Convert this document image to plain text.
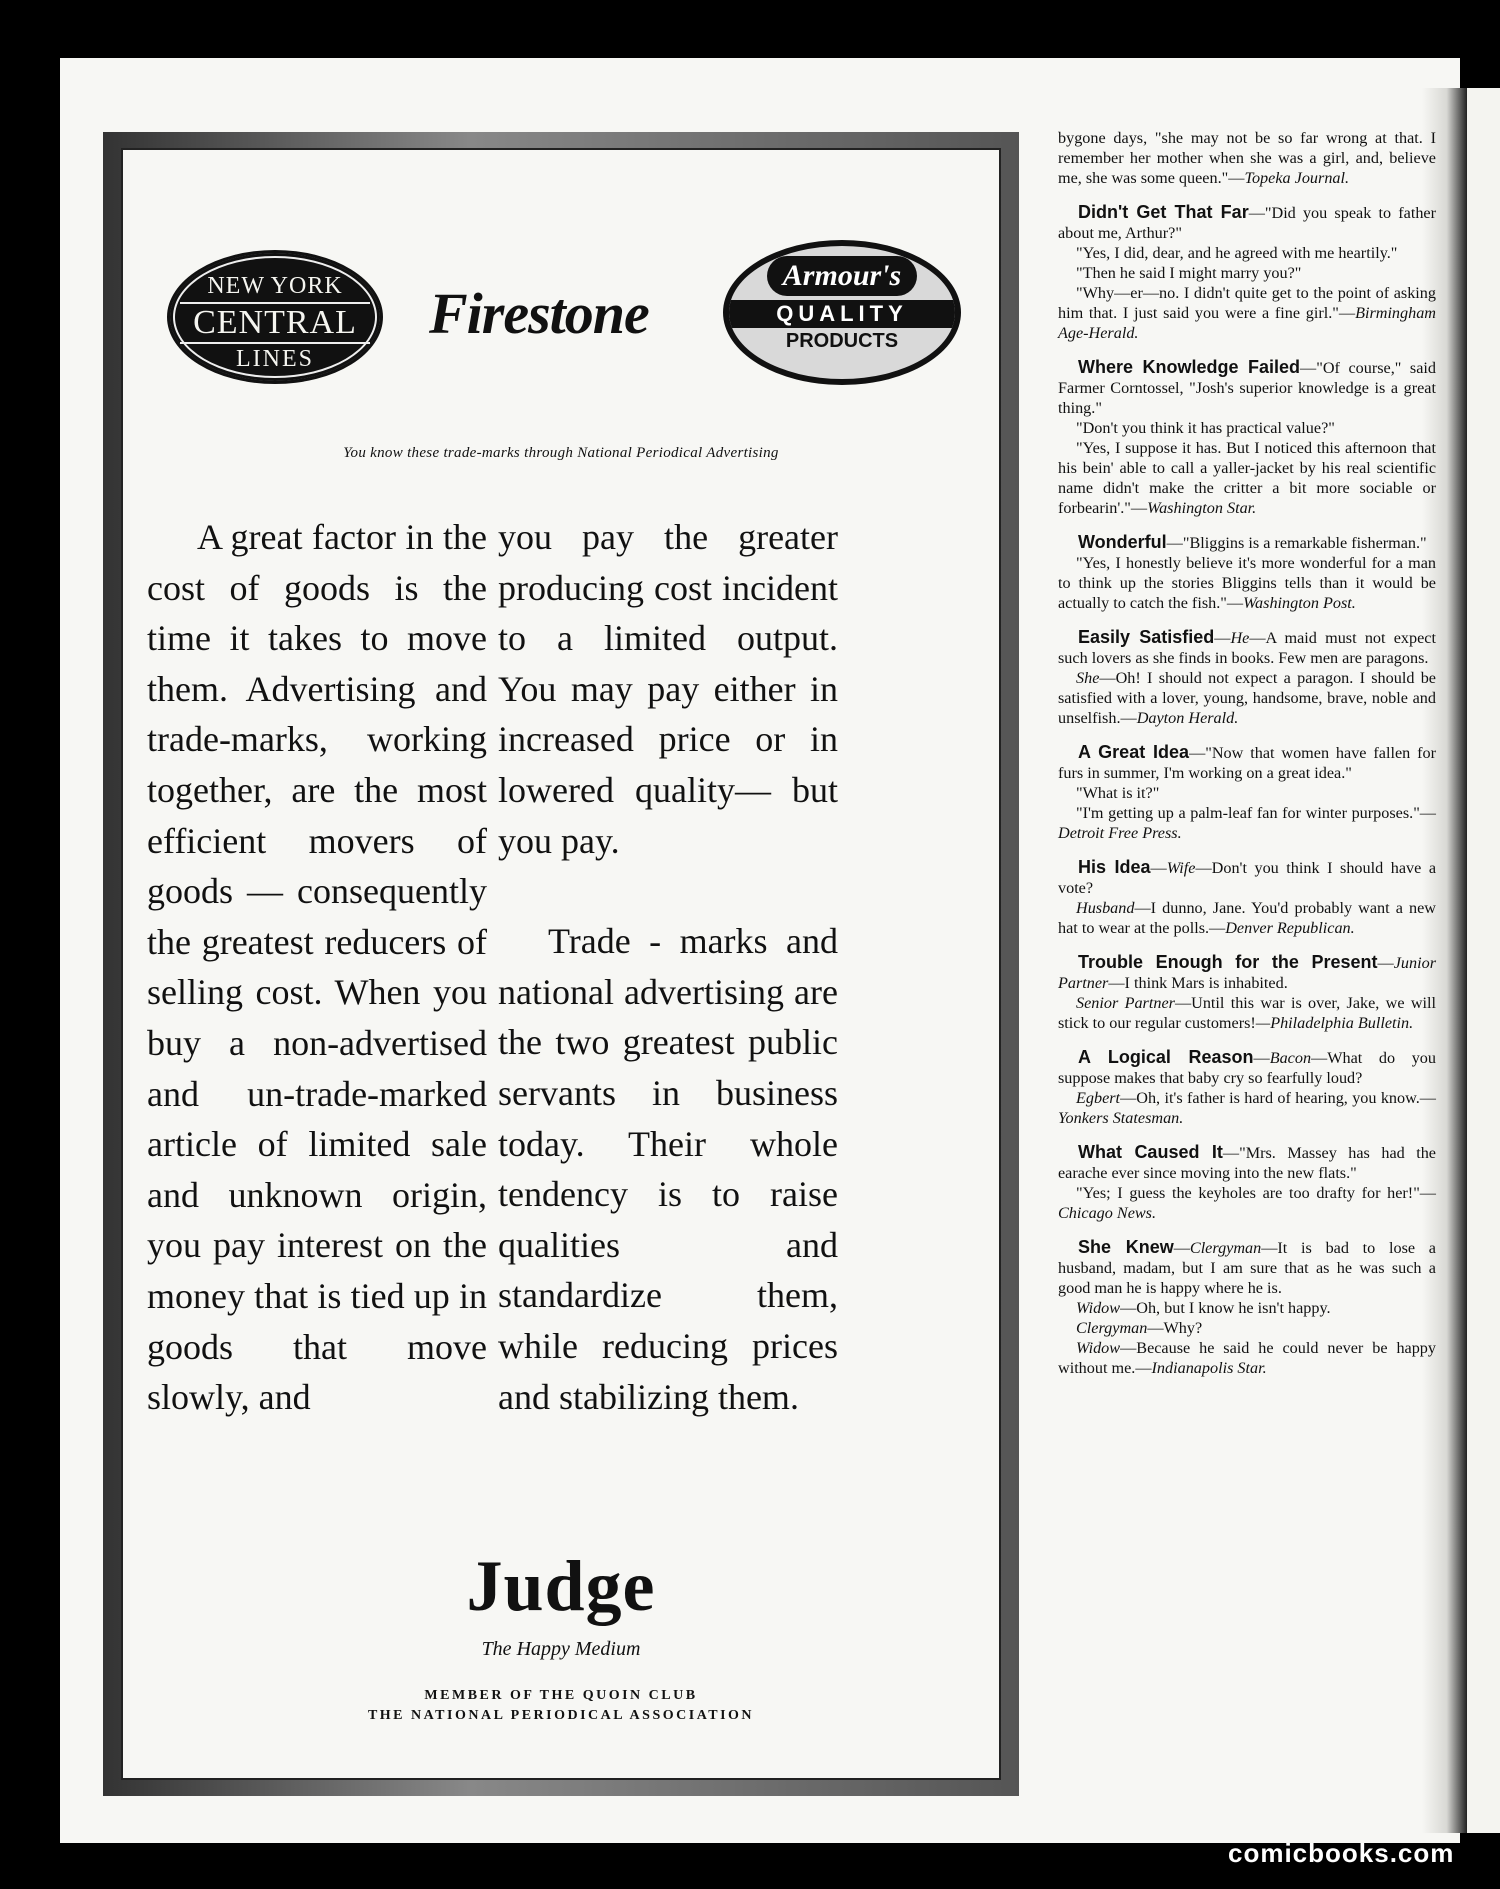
NEW YORK
CENTRAL
LINES
Firestone
Armour's
QUALITY
PRODUCTS
You know these trade-marks through National Periodical Advertising

A great factor in the cost of goods is the time it takes to move them. Advertising and trade-marks, working together, are the most efficient movers of goods — consequently the greatest reducers of selling cost. When you buy a non-advertised and un-trade-marked article of limited sale and unknown origin, you pay interest on the money that is tied up in goods that move slowly, and

you pay the greater producing cost incident to a limited output. You may pay either in increased price or in lowered quality— but you pay.

Trade - marks and national advertising are the two greatest public servants in business today. Their whole tendency is to raise qualities and standardize them, while reducing prices and stabilizing them.

Judge
The Happy Medium
MEMBER OF THE QUOIN CLUB
THE NATIONAL PERIODICAL ASSOCIATION

bygone days, "she may not be so far wrong at that. I remember her mother when she was a girl, and, believe me, she was some queen."—Topeka Journal.

Didn't Get That Far—"Did you speak to father about me, Arthur?"

"Yes, I did, dear, and he agreed with me heartily."

"Then he said I might marry you?"

"Why—er—no. I didn't quite get to the point of asking him that. I just said you were a fine girl."—Birmingham Age-Herald.

Where Knowledge Failed—"Of course," said Farmer Corntossel, "Josh's superior knowledge is a great thing."

"Don't you think it has practical value?"

"Yes, I suppose it has. But I noticed this afternoon that his bein' able to call a yaller-jacket by his real scientific name didn't make the critter a bit more sociable or forbearin'."—Washington Star.

Wonderful—"Bliggins is a remarkable fisherman."

"Yes, I honestly believe it's more wonderful for a man to think up the stories Bliggins tells than it would be actually to catch the fish."—Washington Post.

Easily Satisfied—He—A maid must not expect such lovers as she finds in books. Few men are paragons.

She—Oh! I should not expect a paragon. I should be satisfied with a lover, young, handsome, brave, noble and unselfish.—Dayton Herald.

A Great Idea—"Now that women have fallen for furs in summer, I'm working on a great idea."

"What is it?"

"I'm getting up a palm-leaf fan for winter purposes."—Detroit Free Press.

His Idea—Wife—Don't you think I should have a vote?

Husband—I dunno, Jane. You'd probably want a new hat to wear at the polls.—Denver Republican.

Trouble Enough for the Present—Junior Partner—I think Mars is inhabited.

Senior Partner—Until this war is over, Jake, we will stick to our regular customers!—Philadelphia Bulletin.

A Logical Reason—Bacon—What do you suppose makes that baby cry so fearfully loud?

Egbert—Oh, it's father is hard of hearing, you know.—Yonkers Statesman.

What Caused It—"Mrs. Massey has had the earache ever since moving into the new flats."

"Yes; I guess the keyholes are too drafty for her!"—Chicago News.

She Knew—Clergyman—It is bad to lose a husband, madam, but I am sure that as he was such a good man he is happy where he is.

Widow—Oh, but I know he isn't happy.

Clergyman—Why?

Widow—Because he said he could never be happy without me.—Indianapolis Star.

comicbooks.com
